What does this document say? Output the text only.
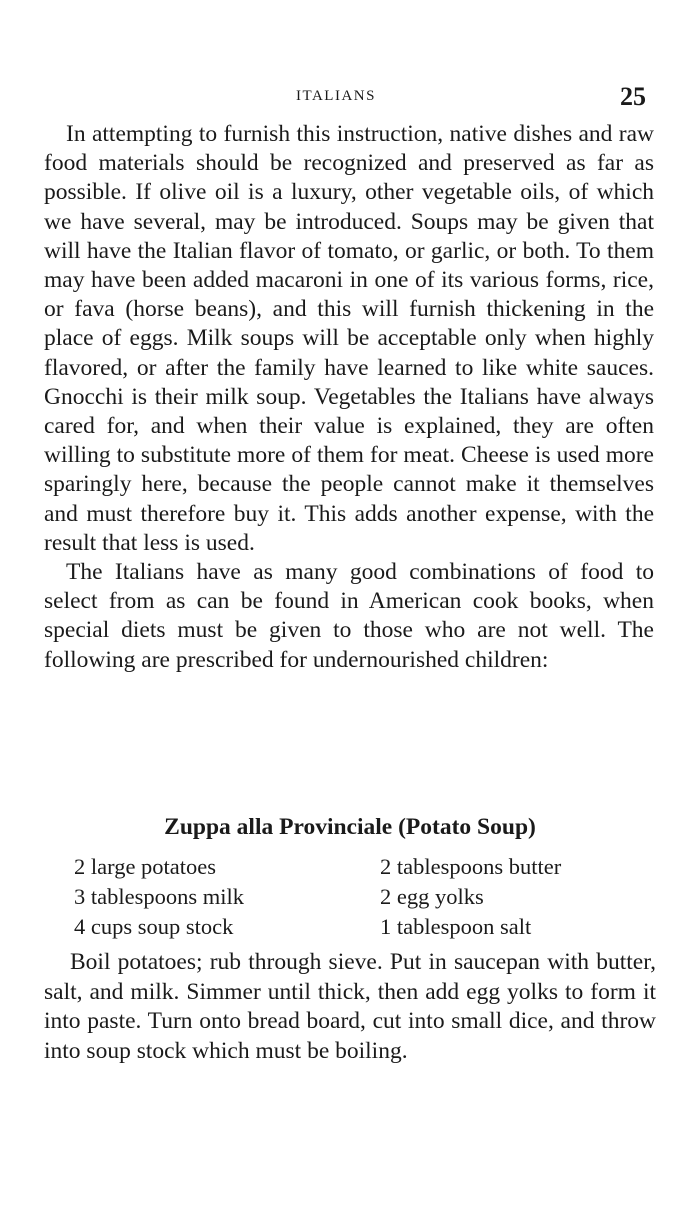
ITALIANS	25

In attempting to furnish this instruction, native dishes and raw food materials should be recognized and preserved as far as possible. If olive oil is a luxury, other vegetable oils, of which we have several, may be introduced. Soups may be given that will have the Italian flavor of tomato, or garlic, or both. To them may have been added macaroni in one of its various forms, rice, or fava (horse beans), and this will furnish thickening in the place of eggs. Milk soups will be acceptable only when highly flavored, or after the family have learned to like white sauces. Gnocchi is their milk soup. Vegetables the Italians have always cared for, and when their value is explained, they are often willing to substitute more of them for meat. Cheese is used more sparingly here, because the people cannot make it themselves and must therefore buy it. This adds another expense, with the result that less is used.

The Italians have as many good combinations of food to select from as can be found in American cook books, when special diets must be given to those who are not well. The following are prescribed for undernourished children:

Zuppa alla Provinciale (Potato Soup)
2 large potatoes	2 tablespoons butter
3 tablespoons milk	2 egg yolks
4 cups soup stock	1 tablespoon salt

Boil potatoes; rub through sieve. Put in saucepan with butter, salt, and milk. Simmer until thick, then add egg yolks to form it into paste. Turn onto bread board, cut into small dice, and throw into soup stock which must be boiling.
